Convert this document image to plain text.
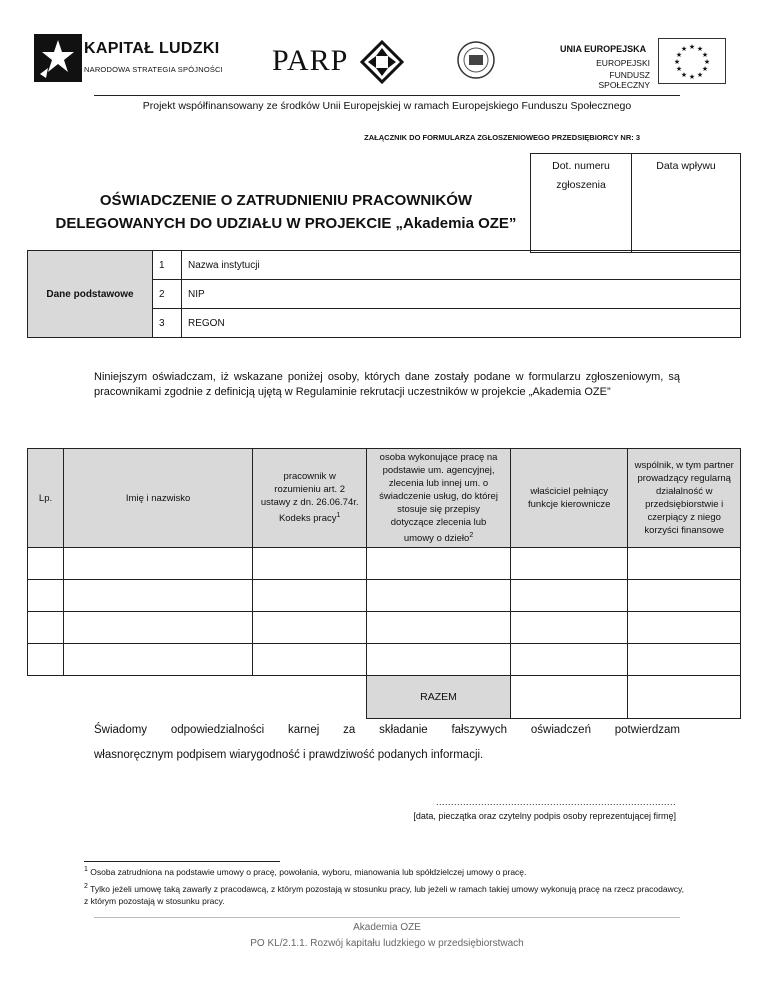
KAPITAŁ LUDZKI
NARODOWA STRATEGIA SPÓJNOŚCI PARP	UNIA EUROPEJSKA
EUROPEJSKI
FUNDUSZ SPOŁECZNY
★ ★
★
★
★
★
★
★
★
★
★
★
Projekt współfinansowany ze środków Unii Europejskiej w ramach Europejskiego Funduszu Społecznego
ZAŁĄCZNIK DO FORMULARZA ZGŁOSZENIOWEGO PRZEDSIĘBIORCY NR: 3
Dot. numeru
zgłoszenia
Data wpływu
OŚWIADCZENIE O ZATRUDNIENIU PRACOWNIKÓW
DELEGOWANYCH DO UDZIAŁU W PROJEKCIE „Akademia OZE”
Dane podstawowe	1	Nazwa instytucji
	2	NIP
	3	REGON
Niniejszym oświadczam, iż wskazane poniżej osoby, których dane zostały podane w formularzu zgłoszeniowym, są pracownikami zgodnie z definicją ujętą w Regulaminie rekrutacji uczestników w projekcie „Akademia OZE”
Lp.	Imię i nazwisko	pracownik w rozumieniu art. 2 ustawy z dn. 26.06.74r. Kodeks pracy$^1$	osoba wykonujące pracę na podstawie um. agencyjnej, zlecenia lub innej um. o świadczenie usług, do której stosuje się przepisy dotyczące zlecenia lub umowy o dzieło$^2$	właściciel pełniący funkcje kierownicze	wspólnik, w tym partner prowadzący regularną działalność w przedsiębiorstwie i czerpiący z niego korzyści finansowe

			RAZEM		
Świadomy odpowiedzialności karnej za składanie fałszywych oświadczeń potwierdzam
własnoręcznym podpisem wiarygodność i prawdziwość podanych informacji.
................................................................................
[data, pieczątka oraz czytelny podpis osoby reprezentującej firmę]
$^1$ Osoba zatrudniona na podstawie umowy o pracę, powołania, wyboru, mianowania lub spółdzielczej umowy o pracę.
$^2$ Tylko jeżeli umowę taką zawarły z pracodawcą, z którym pozostają w stosunku pracy, lub jeżeli w ramach takiej umowy wykonują pracę na rzecz pracodawcy, z którym pozostają w stosunku pracy.
Akademia OZE
PO KL/2.1.1. Rozwój kapitału ludzkiego w przedsiębiorstwach
